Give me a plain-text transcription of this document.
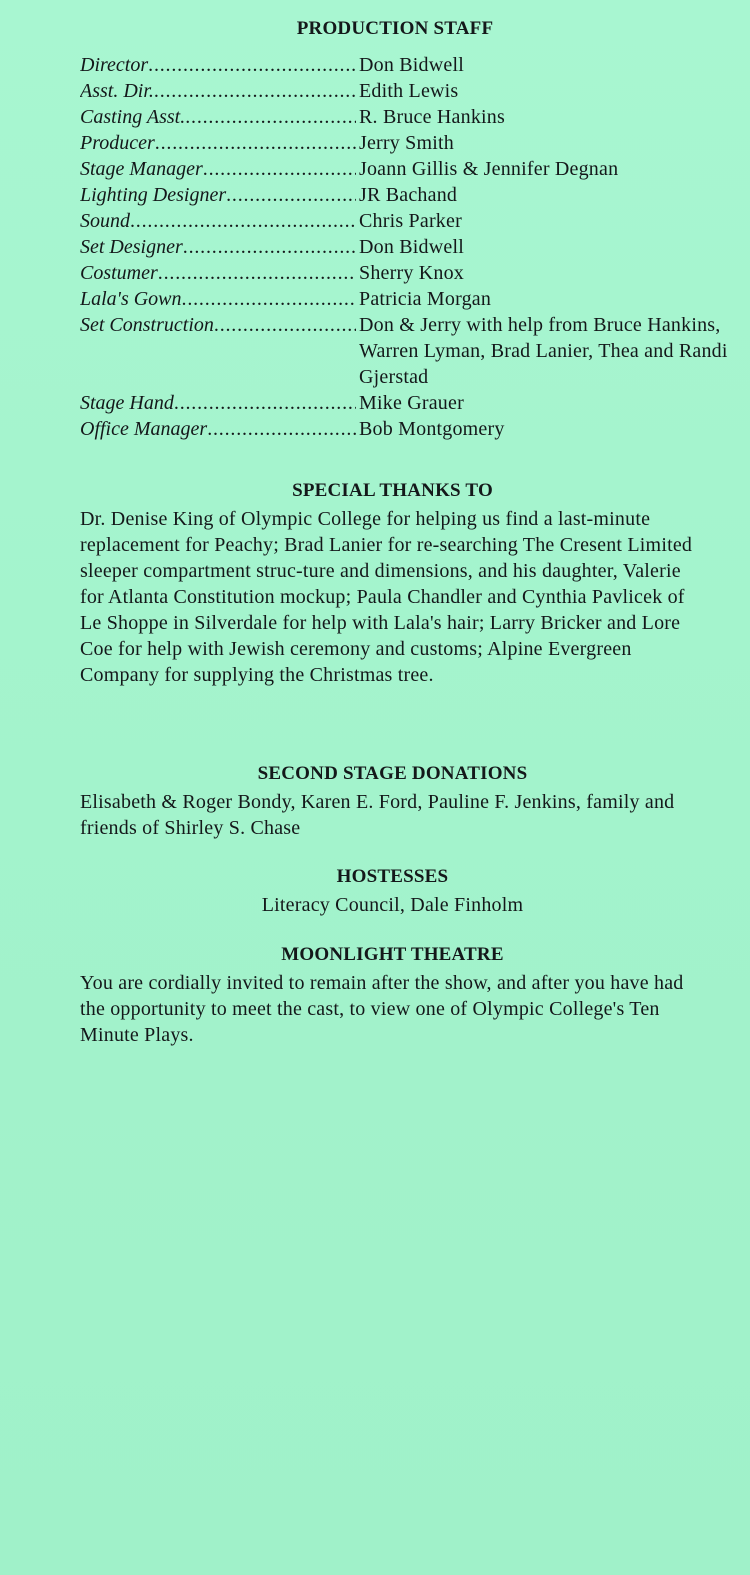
PRODUCTION STAFF
Director . . .	Don Bidwell
Asst. Dir. . . .	Edith Lewis
Casting Asst. . . .	R. Bruce Hankins
Producer . . .	Jerry Smith
Stage Manager . . .	Joann Gillis & Jennifer Degnan
Lighting Designer . . .	JR Bachand
Sound . . .	Chris Parker
Set Designer . . .	Don Bidwell
Costumer . . .	Sherry Knox
Lala's Gown . . .	Patricia Morgan
Set Construction . . .	Don & Jerry with help from Bruce Hankins, Warren Lyman, Brad Lanier, Thea and Randi Gjerstad
Stage Hand . . .	Mike Grauer
Office Manager . . .	Bob Montgomery
SPECIAL THANKS TO

Dr. Denise King of Olympic College for helping us find a last-minute replacement for Peachy; Brad Lanier for re-searching The Cresent Limited sleeper compartment struc-ture and dimensions, and his daughter, Valerie for Atlanta Constitution mockup; Paula Chandler and Cynthia Pavlicek of Le Shoppe in Silverdale for help with Lala's hair; Larry Bricker and Lore Coe for help with Jewish ceremony and customs; Alpine Evergreen Company for supplying the Christmas tree.

SECOND STAGE DONATIONS

Elisabeth & Roger Bondy, Karen E. Ford, Pauline F. Jenkins, family and friends of Shirley S. Chase

HOSTESSES

Literacy Council, Dale Finholm

MOONLIGHT THEATRE

You are cordially invited to remain after the show, and after you have had the opportunity to meet the cast, to view one of Olympic College's Ten Minute Plays.
